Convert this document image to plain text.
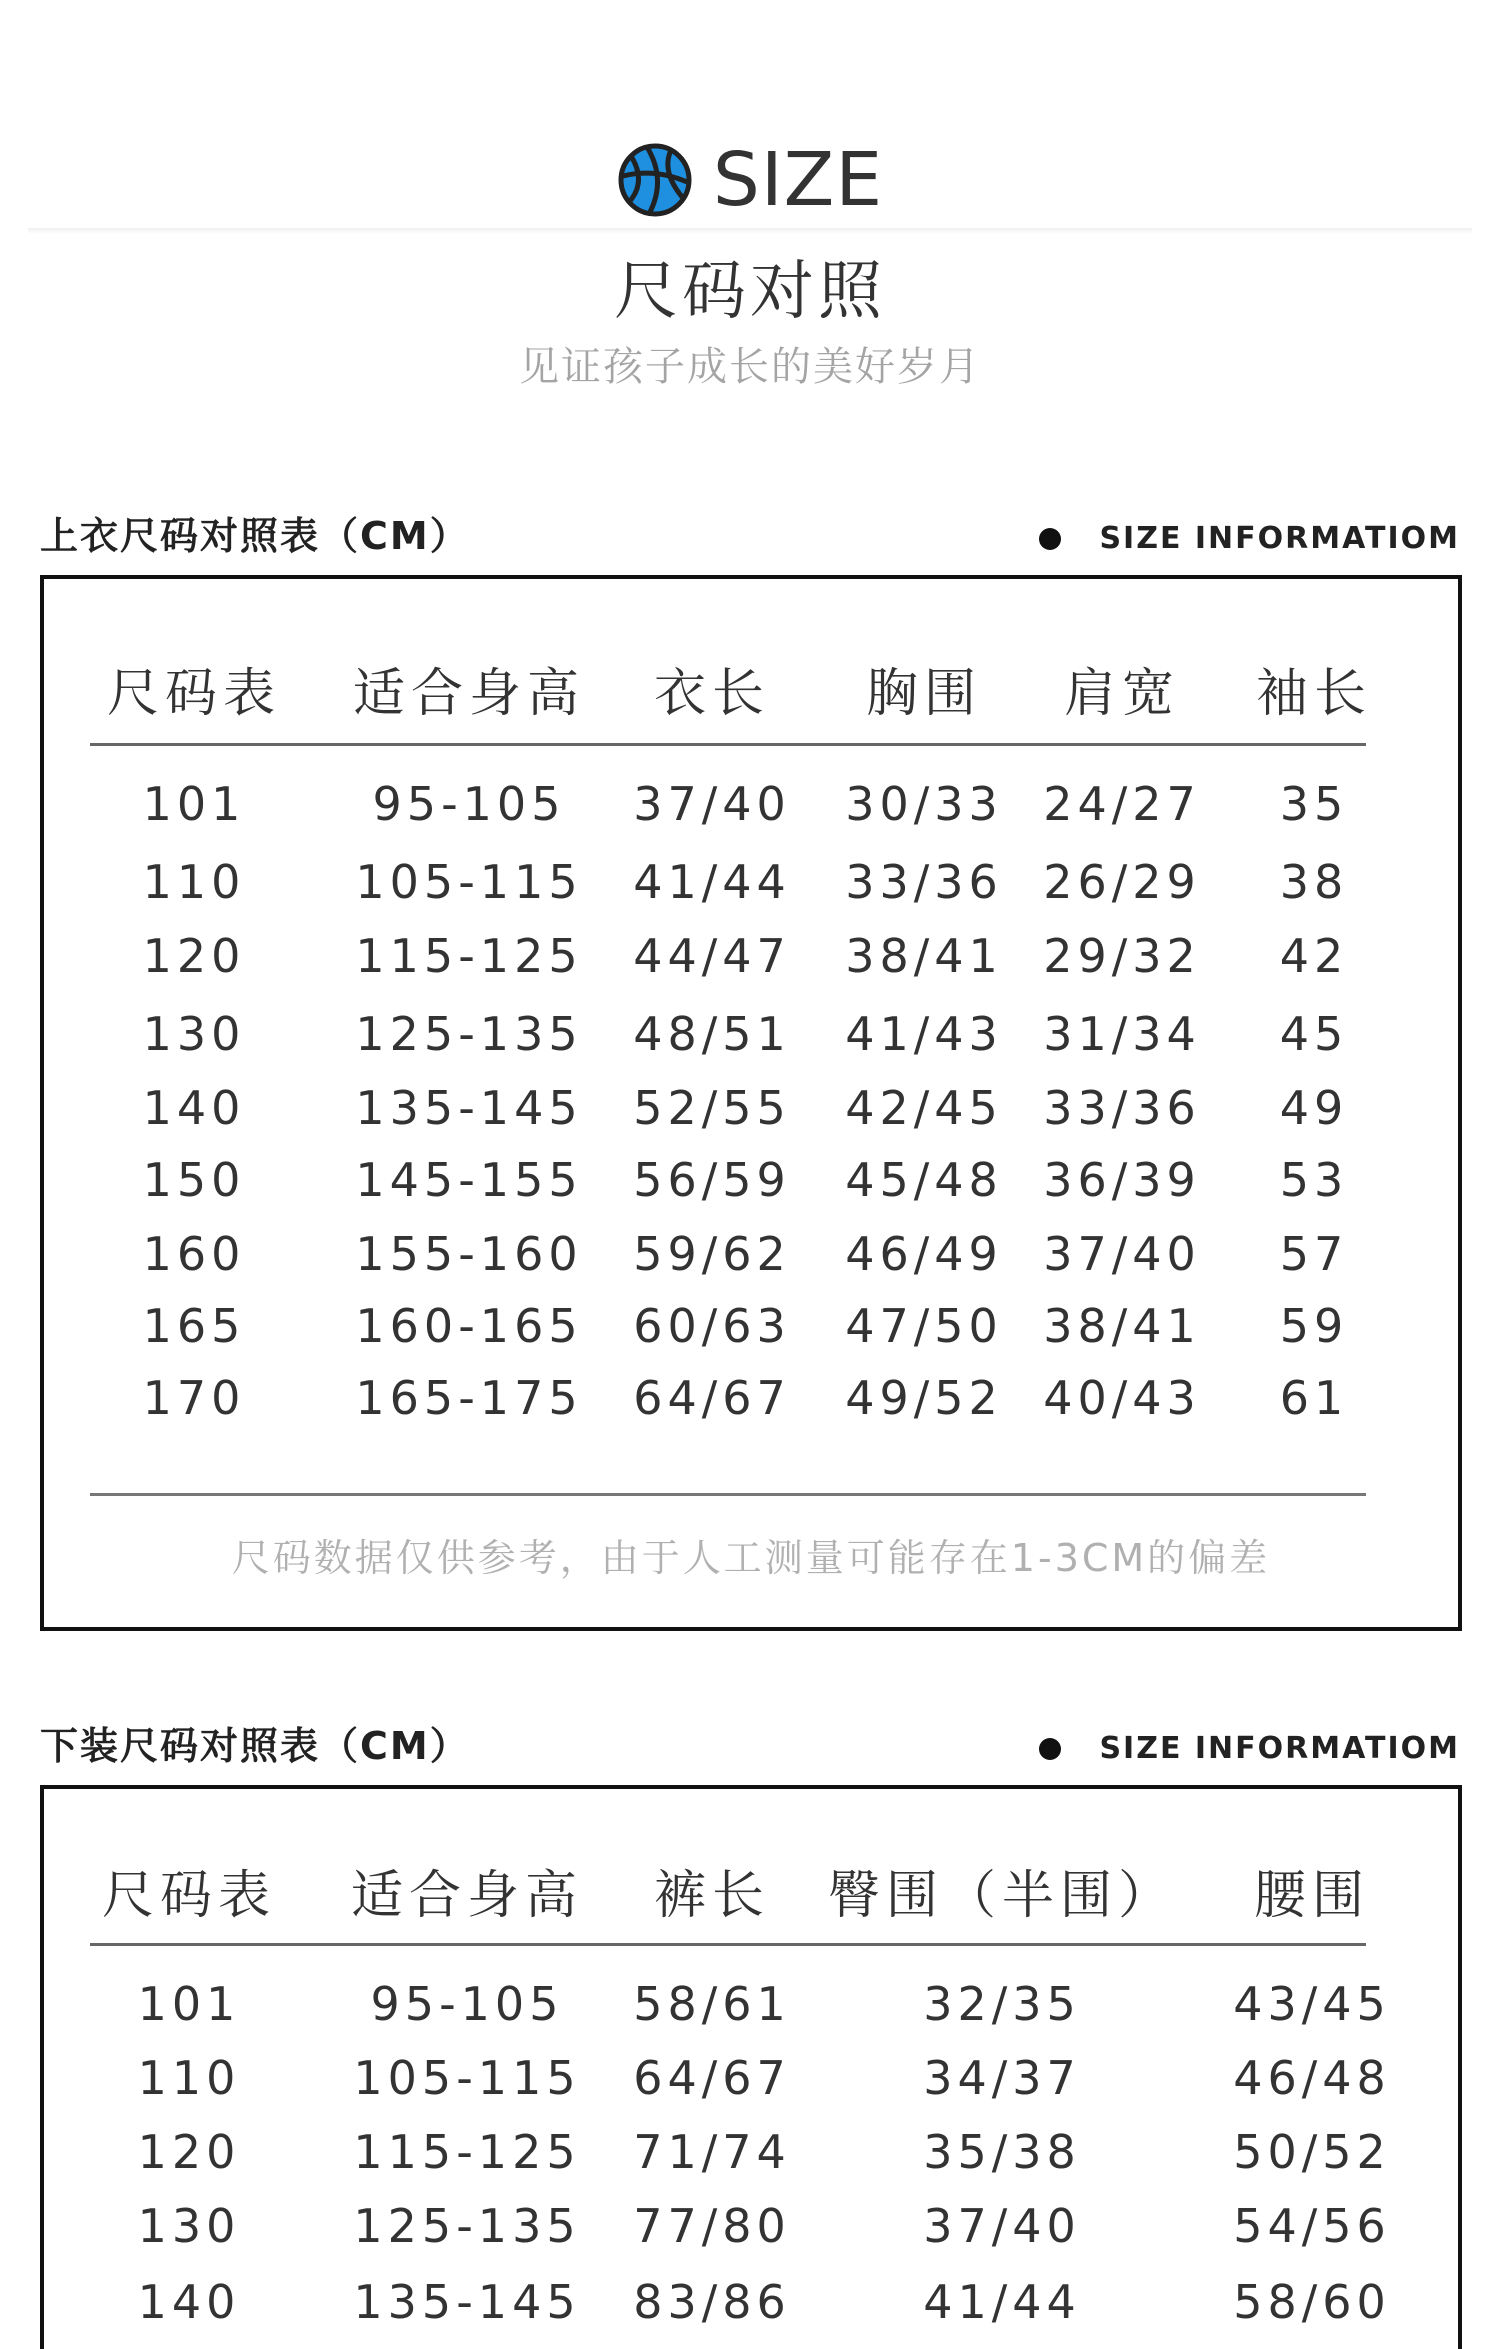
SIZE
尺码对照
见证孩子成长的美好岁月
上衣尺码对照表（CM）	SIZE INFORMATIOM
尺码表 适合身高 衣长 胸围 肩宽 袖长
101	95-105 37/40 30/33 24/27 35
110 105-115 41/44 33/36 26/29 38
120 115-125 44/47 38/41 29/32 42
130 125-135 48/51 41/43 31/34 45
140 135-145 52/55 42/45 33/36 49
150 145-155 56/59 45/48 36/39 53
160 155-160 59/62 46/49 37/40 57
165 160-165 60/63 47/50 38/41 59
170 165-175 64/67 49/52 40/43 61
尺码数据仅供参考，由于人工测量可能存在1-3CM的偏差
下装尺码对照表（CM）	SIZE INFORMATIOM
尺码表 适合身高 裤长 臀围（半围） 腰围
101	95-105 58/61	32/35	43/45
110 105-115 64/67	34/37	46/48
120 115-125 71/74	35/38	50/52
130 125-135 77/80	37/40	54/56
140 135-145 83/86	41/44	58/60
